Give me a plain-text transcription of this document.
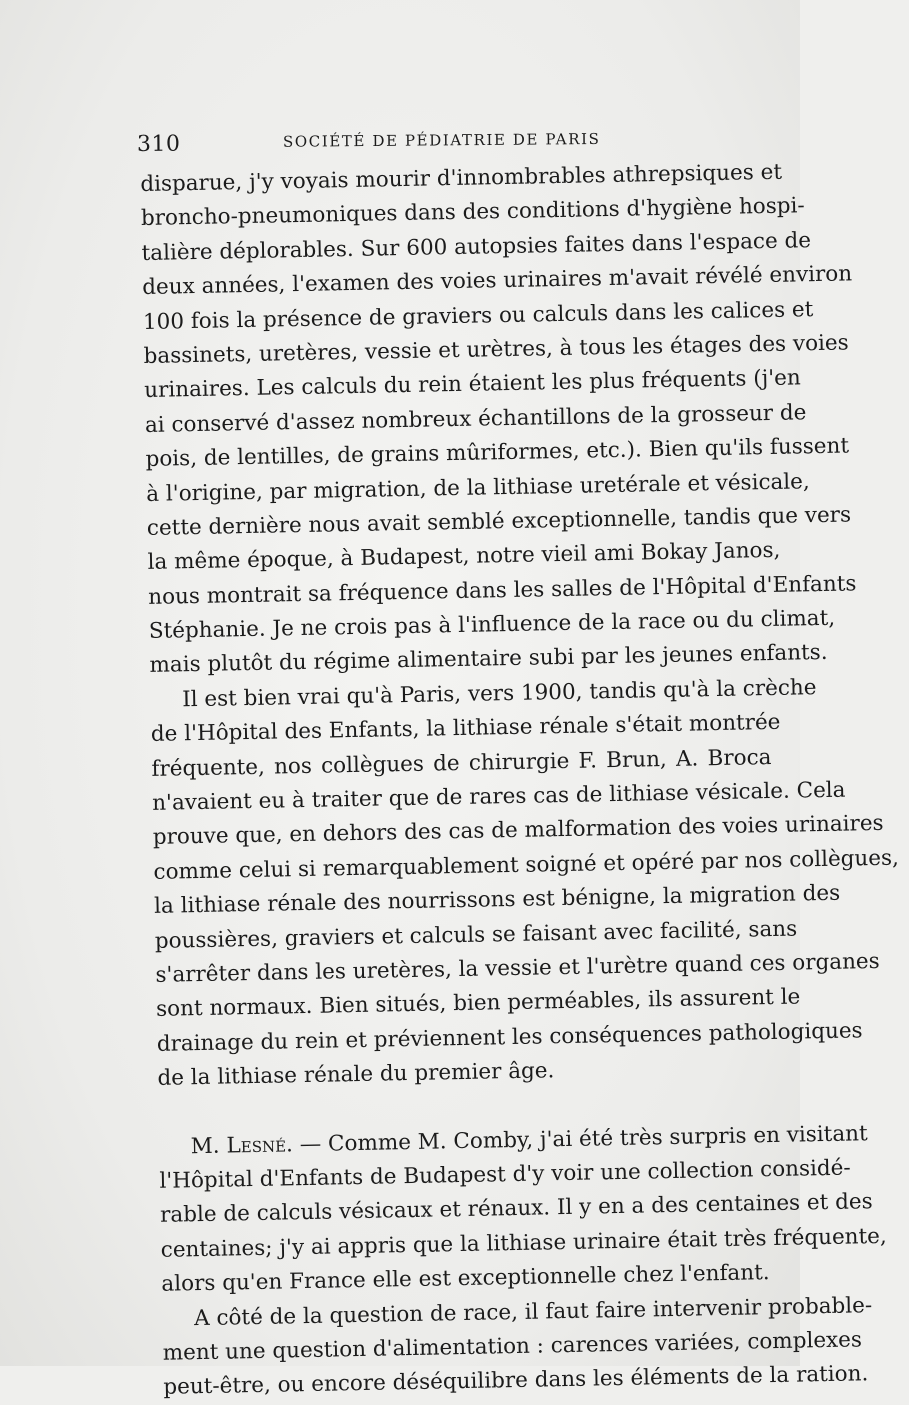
310	SOCIÉTÉ DE PÉDIATRIE DE PARIS
disparue, j'y voyais mourir d'innombrables athrepsiques et
broncho-pneumoniques dans des conditions d'hygiène hospi-
talière déplorables. Sur 600 autopsies faites dans l'espace de
deux années, l'examen des voies urinaires m'avait révélé environ
100 fois la présence de graviers ou calculs dans les calices et
bassinets, uretères, vessie et urètres, à tous les étages des voies
urinaires. Les calculs du rein étaient les plus fréquents (j'en
ai conservé d'assez nombreux échantillons de la grosseur de
pois, de lentilles, de grains mûriformes, etc.). Bien qu'ils fussent
à l'origine, par migration, de la lithiase uretérale et vésicale,
cette dernière nous avait semblé exceptionnelle, tandis que vers
la même époque, à Budapest, notre vieil ami Bokay Janos,
nous montrait sa fréquence dans les salles de l'Hôpital d'Enfants
Stéphanie. Je ne crois pas à l'influence de la race ou du climat,
mais plutôt du régime alimentaire subi par les jeunes enfants.
Il est bien vrai qu'à Paris, vers 1900, tandis qu'à la crèche
de l'Hôpital des Enfants, la lithiase rénale s'était montrée
fréquente, nos collègues de chirurgie F. Brun, A. Broca
n'avaient eu à traiter que de rares cas de lithiase vésicale. Cela
prouve que, en dehors des cas de malformation des voies urinaires
comme celui si remarquablement soigné et opéré par nos collègues,
la lithiase rénale des nourrissons est bénigne, la migration des
poussières, graviers et calculs se faisant avec facilité, sans
s'arrêter dans les uretères, la vessie et l'urètre quand ces organes
sont normaux. Bien situés, bien perméables, ils assurent le
drainage du rein et préviennent les conséquences pathologiques
de la lithiase rénale du premier âge.
M. Lesné. — Comme M. Comby, j'ai été très surpris en visitant
l'Hôpital d'Enfants de Budapest d'y voir une collection considé-
rable de calculs vésicaux et rénaux. Il y en a des centaines et des
centaines; j'y ai appris que la lithiase urinaire était très fréquente,
alors qu'en France elle est exceptionnelle chez l'enfant.
A côté de la question de race, il faut faire intervenir probable-
ment une question d'alimentation : carences variées, complexes
peut-être, ou encore déséquilibre dans les éléments de la ration.
